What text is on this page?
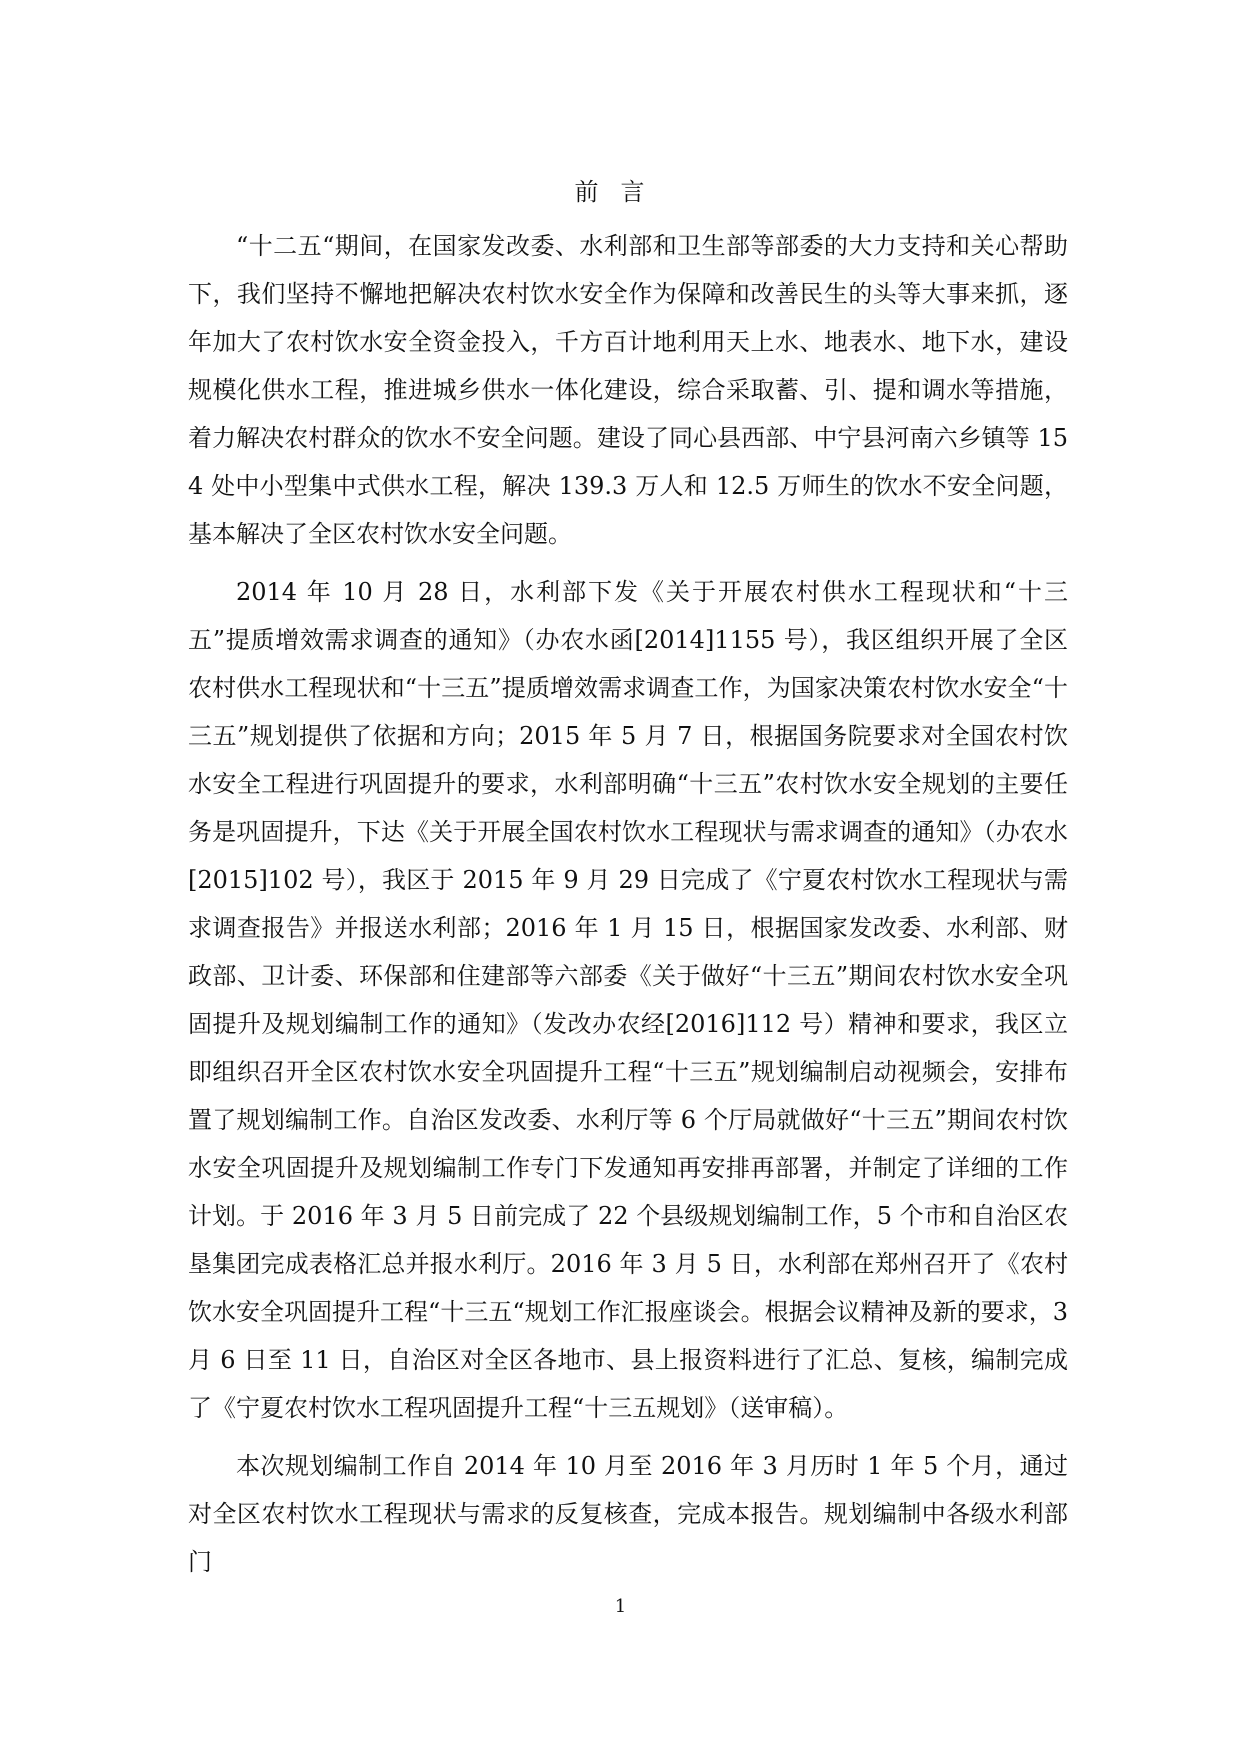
前言

“十二五“期间，在国家发改委、水利部和卫生部等部委的大力支持和关心帮助下，我们坚持不懈地把解决农村饮水安全作为保障和改善民生的头等大事来抓，逐年加大了农村饮水安全资金投入，千方百计地利用天上水、地表水、地下水，建设规模化供水工程，推进城乡供水一体化建设，综合采取蓄、引、提和调水等措施，着力解决农村群众的饮水不安全问题。建设了同心县西部、中宁县河南六乡镇等 154 处中小型集中式供水工程，解决 139.3 万人和 12.5 万师生的饮水不安全问题，基本解决了全区农村饮水安全问题。

2014 年 10 月 28 日，水利部下发《关于开展农村供水工程现状和“十三五”提质增效需求调查的通知》（办农水函[2014]1155 号），我区组织开展了全区农村供水工程现状和“十三五”提质增效需求调查工作，为国家决策农村饮水安全“十三五”规划提供了依据和方向；2015 年 5 月 7 日，根据国务院要求对全国农村饮水安全工程进行巩固提升的要求，水利部明确“十三五”农村饮水安全规划的主要任务是巩固提升，下达《关于开展全国农村饮水工程现状与需求调查的通知》（办农水[2015]102 号），我区于 2015 年 9 月 29 日完成了《宁夏农村饮水工程现状与需求调查报告》并报送水利部；2016 年 1 月 15 日，根据国家发改委、水利部、财政部、卫计委、环保部和住建部等六部委《关于做好“十三五”期间农村饮水安全巩固提升及规划编制工作的通知》（发改办农经[2016]112 号）精神和要求，我区立即组织召开全区农村饮水安全巩固提升工程“十三五”规划编制启动视频会，安排布置了规划编制工作。自治区发改委、水利厅等 6 个厅局就做好“十三五”期间农村饮水安全巩固提升及规划编制工作专门下发通知再安排再部署，并制定了详细的工作计划。于 2016 年 3 月 5 日前完成了 22 个县级规划编制工作，5 个市和自治区农垦集团完成表格汇总并报水利厅。2016 年 3 月 5 日，水利部在郑州召开了《农村饮水安全巩固提升工程“十三五“规划工作汇报座谈会。根据会议精神及新的要求，3 月 6 日至 11 日，自治区对全区各地市、县上报资料进行了汇总、复核，编制完成了《宁夏农村饮水工程巩固提升工程“十三五规划》（送审稿）。

本次规划编制工作自 2014 年 10 月至 2016 年 3 月历时 1 年 5 个月，通过对全区农村饮水工程现状与需求的反复核查，完成本报告。规划编制中各级水利部门

1
